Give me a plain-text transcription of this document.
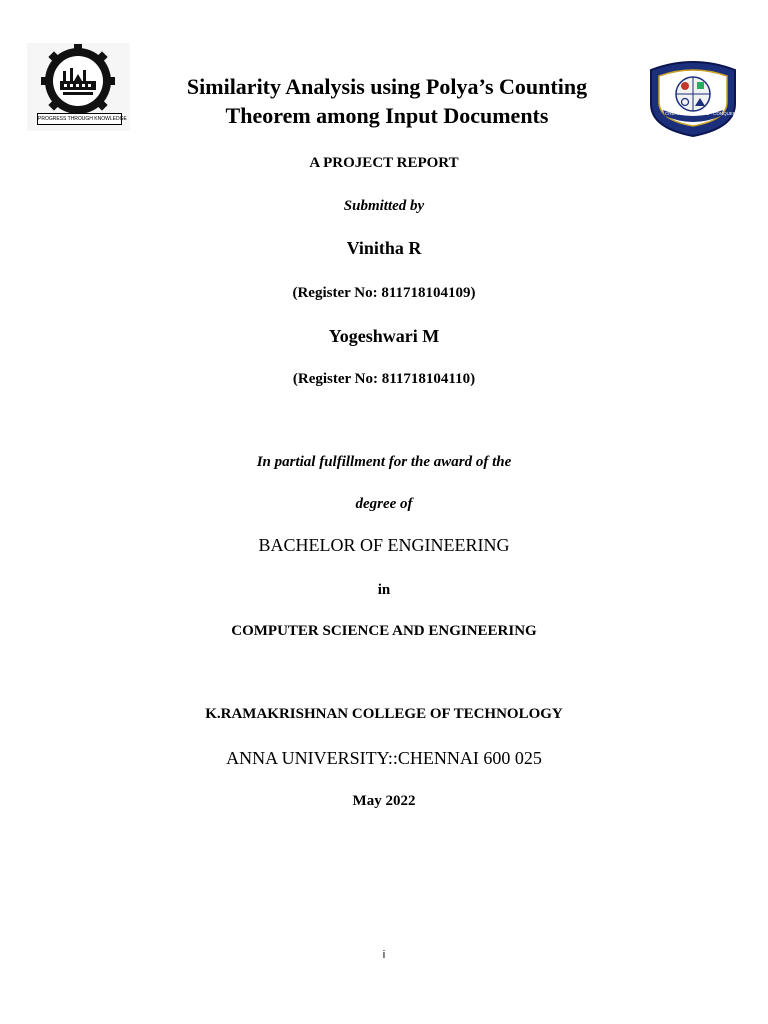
PROGRESS THROUGH KNOWLEDGE
Similarity Analysis using Polya’s Counting
Theorem among Input Documents	CREATE · COMPETE · CONQUER
A PROJECT REPORT
Submitted by
Vinitha R
(Register No: 811718104109)
Yogeshwari M
(Register No: 811718104110)
In partial fulfillment for the award of the
degree of
BACHELOR OF ENGINEERING
in
COMPUTER SCIENCE AND ENGINEERING
K.RAMAKRISHNAN COLLEGE OF TECHNOLOGY
ANNA UNIVERSITY::CHENNAI 600 025
May 2022
i
